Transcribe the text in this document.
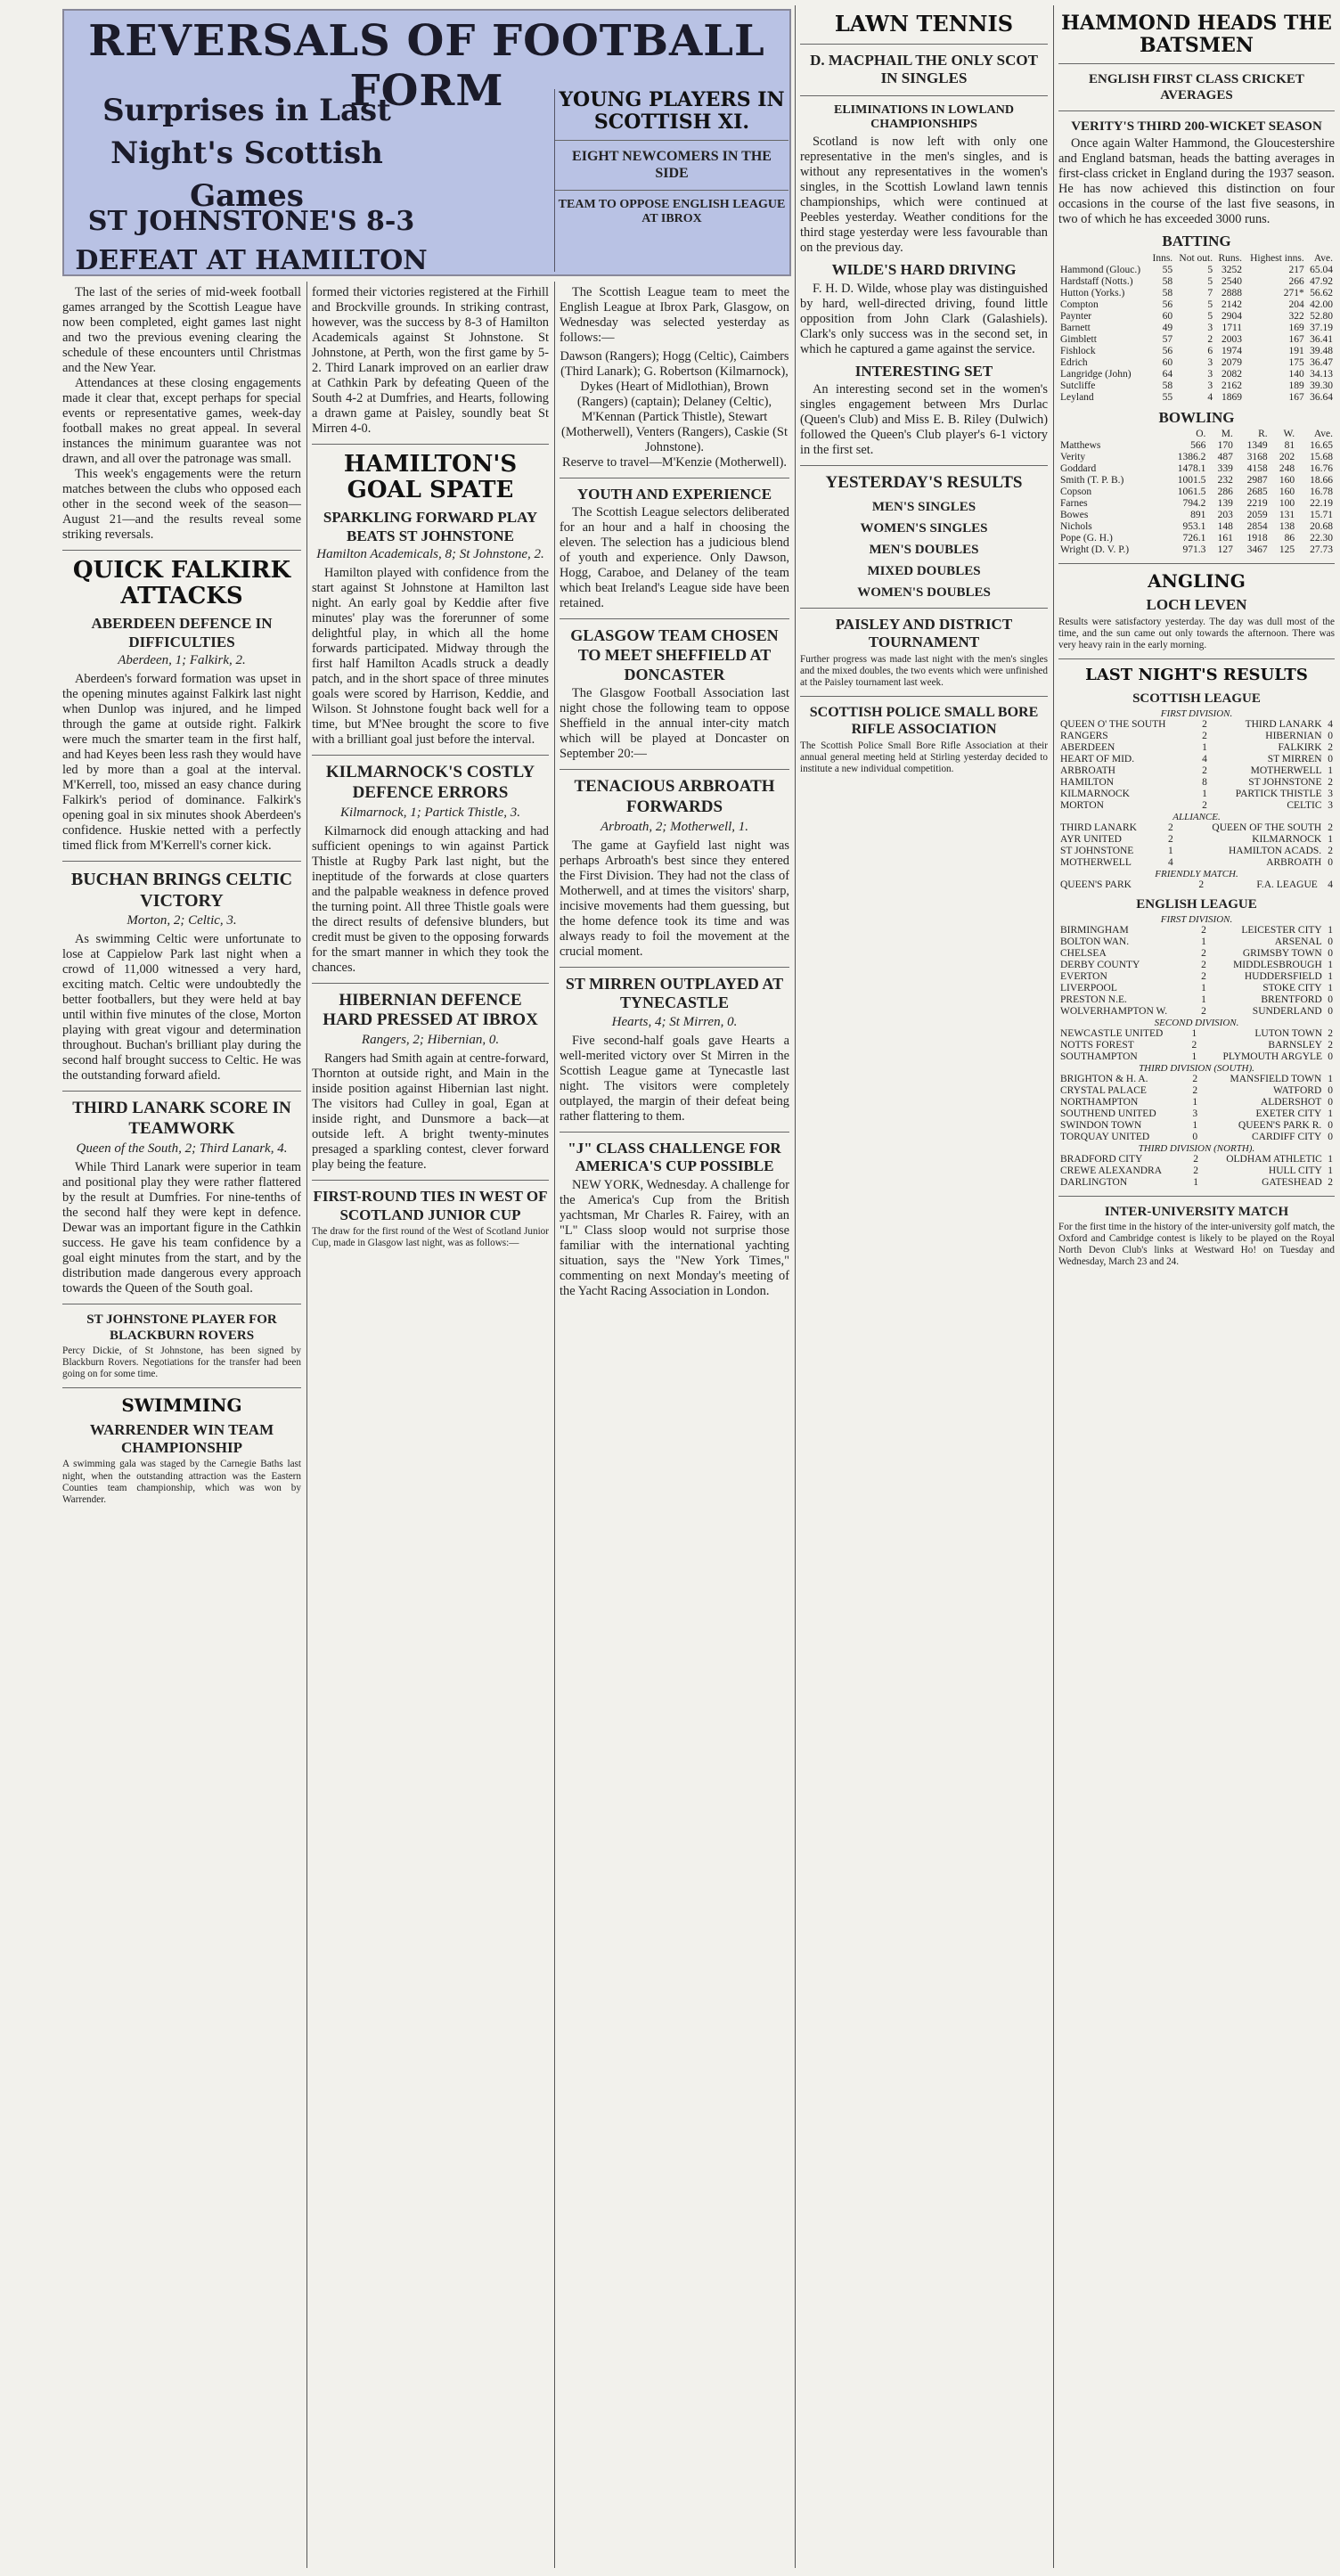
REVERSALS OF FOOTBALL FORM
Surprises in Last Night's Scottish Games
ST JOHNSTONE'S 8-3 DEFEAT AT HAMILTON
YOUNG PLAYERS IN SCOTTISH XI.
EIGHT NEWCOMERS IN THE SIDE
TEAM TO OPPOSE ENGLISH LEAGUE AT IBROX

The last of the series of mid-week football games arranged by the Scottish League have now been completed, eight games last night and two the previous evening clearing the schedule of these encounters until Christmas and the New Year.

Attendances at these closing engagements made it clear that, except perhaps for special events or representative games, week-day football makes no great appeal. In several instances the minimum guarantee was not drawn, and all over the patronage was small.

This week's engagements were the return matches between the clubs who opposed each other in the second week of the season—August 21—and the results reveal some striking reversals.

QUICK FALKIRK ATTACKS
ABERDEEN DEFENCE IN DIFFICULTIES
Aberdeen, 1; Falkirk, 2.

Aberdeen's forward formation was upset in the opening minutes against Falkirk last night when Dunlop was injured, and he limped through the game at outside right. Falkirk were much the smarter team in the first half, and had Keyes been less rash they would have led by more than a goal at the interval. M'Kerrell, too, missed an easy chance during Falkirk's period of dominance. Falkirk's opening goal in six minutes shook Aberdeen's confidence. Huskie netted with a perfectly timed flick from M'Kerrell's corner kick.

BUCHAN BRINGS CELTIC VICTORY
Morton, 2; Celtic, 3.

As swimming Celtic were unfortunate to lose at Cappielow Park last night when a crowd of 11,000 witnessed a very hard, exciting match. Celtic were undoubtedly the better footballers, but they were held at bay until within five minutes of the close, Morton playing with great vigour and determination throughout. Buchan's brilliant play during the second half brought success to Celtic. He was the outstanding forward afield.

THIRD LANARK SCORE IN TEAMWORK
Queen of the South, 2; Third Lanark, 4.

While Third Lanark were superior in team and positional play they were rather flattered by the result at Dumfries. For nine-tenths of the second half they were kept in defence. Dewar was an important figure in the Cathkin success. He gave his team confidence by a goal eight minutes from the start, and by the distribution made dangerous every approach towards the Queen of the South goal.

ST JOHNSTONE PLAYER FOR BLACKBURN ROVERS

Percy Dickie, of St Johnstone, has been signed by Blackburn Rovers. Negotiations for the transfer had been going on for some time.

SWIMMING
WARRENDER WIN TEAM CHAMPIONSHIP

A swimming gala was staged by the Carnegie Baths last night, when the outstanding attraction was the Eastern Counties team championship, which was won by Warrender.

formed their victories registered at the Firhill and Brockville grounds. In striking contrast, however, was the success by 8-3 of Hamilton Academicals against St Johnstone. St Johnstone, at Perth, won the first game by 5-2. Third Lanark improved on an earlier draw at Cathkin Park by defeating Queen of the South 4-2 at Dumfries, and Hearts, following a drawn game at Paisley, soundly beat St Mirren 4-0.

HAMILTON'S GOAL SPATE
SPARKLING FORWARD PLAY BEATS ST JOHNSTONE
Hamilton Academicals, 8; St Johnstone, 2.

Hamilton played with confidence from the start against St Johnstone at Hamilton last night. An early goal by Keddie after five minutes' play was the forerunner of some delightful play, in which all the home forwards participated. Midway through the first half Hamilton Acadls struck a deadly patch, and in the short space of three minutes goals were scored by Harrison, Keddie, and Wilson. St Johnstone fought back well for a time, but M'Nee brought the score to five with a brilliant goal just before the interval.

KILMARNOCK'S COSTLY DEFENCE ERRORS
Kilmarnock, 1; Partick Thistle, 3.

Kilmarnock did enough attacking and had sufficient openings to win against Partick Thistle at Rugby Park last night, but the ineptitude of the forwards at close quarters and the palpable weakness in defence proved the turning point. All three Thistle goals were the direct results of defensive blunders, but credit must be given to the opposing forwards for the smart manner in which they took the chances.

HIBERNIAN DEFENCE HARD PRESSED AT IBROX
Rangers, 2; Hibernian, 0.

Rangers had Smith again at centre-forward, Thornton at outside right, and Main in the inside position against Hibernian last night. The visitors had Culley in goal, Egan at inside right, and Dunsmore a back—at outside left. A bright twenty-minutes presaged a sparkling contest, clever forward play being the feature.

FIRST-ROUND TIES IN WEST OF SCOTLAND JUNIOR CUP

The draw for the first round of the West of Scotland Junior Cup, made in Glasgow last night, was as follows:—

The Scottish League team to meet the English League at Ibrox Park, Glasgow, on Wednesday was selected yesterday as follows:—

Dawson (Rangers); Hogg (Celtic), Caimbers (Third Lanark); G. Robertson (Kilmarnock), Dykes (Heart of Midlothian), Brown (Rangers) (captain); Delaney (Celtic), M'Kennan (Partick Thistle), Stewart (Motherwell), Venters (Rangers), Caskie (St Johnstone).

Reserve to travel—M'Kenzie (Motherwell).

YOUTH AND EXPERIENCE

The Scottish League selectors deliberated for an hour and a half in choosing the eleven. The selection has a judicious blend of youth and experience. Only Dawson, Hogg, Caraboe, and Delaney of the team which beat Ireland's League side have been retained.

GLASGOW TEAM CHOSEN TO MEET SHEFFIELD AT DONCASTER

The Glasgow Football Association last night chose the following team to oppose Sheffield in the annual inter-city match which will be played at Doncaster on September 20:—

TENACIOUS ARBROATH FORWARDS
Arbroath, 2; Motherwell, 1.

The game at Gayfield last night was perhaps Arbroath's best since they entered the First Division. They had not the class of Motherwell, and at times the visitors' sharp, incisive movements had them guessing, but the home defence took its time and was always ready to foil the movement at the crucial moment.

ST MIRREN OUTPLAYED AT TYNECASTLE
Hearts, 4; St Mirren, 0.

Five second-half goals gave Hearts a well-merited victory over St Mirren in the Scottish League game at Tynecastle last night. The visitors were completely outplayed, the margin of their defeat being rather flattering to them.

"J" CLASS CHALLENGE FOR AMERICA'S CUP POSSIBLE

NEW YORK, Wednesday. A challenge for the America's Cup from the British yachtsman, Mr Charles R. Fairey, with an "L" Class sloop would not surprise those familiar with the international yachting situation, says the "New York Times," commenting on next Monday's meeting of the Yacht Racing Association in London.

LAWN TENNIS
D. MACPHAIL THE ONLY SCOT IN SINGLES
ELIMINATIONS IN LOWLAND CHAMPIONSHIPS

Scotland is now left with only one representative in the men's singles, and is without any representatives in the women's singles, in the Scottish Lowland lawn tennis championships, which were continued at Peebles yesterday. Weather conditions for the third stage yesterday were less favourable than on the previous day.

WILDE'S HARD DRIVING

F. H. D. Wilde, whose play was distinguished by hard, well-directed driving, found little opposition from John Clark (Galashiels). Clark's only success was in the second set, in which he captured a game against the service.

INTERESTING SET

An interesting second set in the women's singles engagement between Mrs Durlac (Queen's Club) and Miss E. B. Riley (Dulwich) followed the Queen's Club player's 6-1 victory in the first set.

YESTERDAY'S RESULTS
MEN'S SINGLES
WOMEN'S SINGLES
MEN'S DOUBLES
MIXED DOUBLES
WOMEN'S DOUBLES
PAISLEY AND DISTRICT TOURNAMENT

Further progress was made last night with the men's singles and the mixed doubles, the two events which were unfinished at the Paisley tournament last week.

SCOTTISH POLICE SMALL BORE RIFLE ASSOCIATION

The Scottish Police Small Bore Rifle Association at their annual general meeting held at Stirling yesterday decided to institute a new individual competition.

HAMMOND HEADS THE BATSMEN
ENGLISH FIRST CLASS CRICKET AVERAGES
VERITY'S THIRD 200-WICKET SEASON

Once again Walter Hammond, the Gloucestershire and England batsman, heads the batting averages in first-class cricket in England during the 1937 season. He has now achieved this distinction on four occasions in the course of the last five seasons, in two of which he has exceeded 3000 runs.

BATTING
	Inns.	Not out.	Runs.	Highest inns.	Ave.
Hammond (Glouc.)	55	5	3252	217	65.04
Hardstaff (Notts.)	58	5	2540	266	47.92
Hutton (Yorks.)	58	7	2888	271*	56.62
Compton	56	5	2142	204	42.00
Paynter	60	5	2904	322	52.80
Barnett	49	3	1711	169	37.19
Gimblett	57	2	2003	167	36.41
Fishlock	56	6	1974	191	39.48
Edrich	60	3	2079	175	36.47
Langridge (John)	64	3	2082	140	34.13
Sutcliffe	58	3	2162	189	39.30
Leyland	55	4	1869	167	36.64
BOWLING
	O.	M.	R.	W.	Ave.
Matthews	566	170	1349	81	16.65
Verity	1386.2	487	3168	202	15.68
Goddard	1478.1	339	4158	248	16.76
Smith (T. P. B.)	1001.5	232	2987	160	18.66
Copson	1061.5	286	2685	160	16.78
Farnes	794.2	139	2219	100	22.19
Bowes	891	203	2059	131	15.71
Nichols	953.1	148	2854	138	20.68
Pope (G. H.)	726.1	161	1918	86	22.30
Wright (D. V. P.)	971.3	127	3467	125	27.73
ANGLING
LOCH LEVEN

Results were satisfactory yesterday. The day was dull most of the time, and the sun came out only towards the afternoon. There was very heavy rain in the early morning.

LAST NIGHT'S RESULTS
SCOTTISH LEAGUE
FIRST DIVISION.
QUEEN O' THE SOUTH	2	THIRD LANARK	4
RANGERS	2	HIBERNIAN	0
ABERDEEN	1	FALKIRK	2
HEART OF MID.	4	ST MIRREN	0
ARBROATH	2	MOTHERWELL	1
HAMILTON	8	ST JOHNSTONE	2
KILMARNOCK	1	PARTICK THISTLE	3
MORTON	2	CELTIC	3
ALLIANCE.
THIRD LANARK	2	QUEEN OF THE SOUTH	2
AYR UNITED	2	KILMARNOCK	1
ST JOHNSTONE	1	HAMILTON ACADS.	2
MOTHERWELL	4	ARBROATH	0
FRIENDLY MATCH.
QUEEN'S PARK	2	F.A. LEAGUE	4
ENGLISH LEAGUE
FIRST DIVISION.
BIRMINGHAM	2	LEICESTER CITY	1
BOLTON WAN.	1	ARSENAL	0
CHELSEA	2	GRIMSBY TOWN	0
DERBY COUNTY	2	MIDDLESBROUGH	1
EVERTON	2	HUDDERSFIELD	1
LIVERPOOL	1	STOKE CITY	1
PRESTON N.E.	1	BRENTFORD	0
WOLVERHAMPTON W.	2	SUNDERLAND	0
SECOND DIVISION.
NEWCASTLE UNITED	1	LUTON TOWN	2
NOTTS FOREST	2	BARNSLEY	2
SOUTHAMPTON	1	PLYMOUTH ARGYLE	0
THIRD DIVISION (SOUTH).
BRIGHTON & H. A.	2	MANSFIELD TOWN	1
CRYSTAL PALACE	2	WATFORD	0
NORTHAMPTON	1	ALDERSHOT	0
SOUTHEND UNITED	3	EXETER CITY	1
SWINDON TOWN	1	QUEEN'S PARK R.	0
TORQUAY UNITED	0	CARDIFF CITY	0
THIRD DIVISION (NORTH).
BRADFORD CITY	2	OLDHAM ATHLETIC	1
CREWE ALEXANDRA	2	HULL CITY	1
DARLINGTON	1	GATESHEAD	2
INTER-UNIVERSITY MATCH

For the first time in the history of the inter-university golf match, the Oxford and Cambridge contest is likely to be played on the Royal North Devon Club's links at Westward Ho! on Tuesday and Wednesday, March 23 and 24.
